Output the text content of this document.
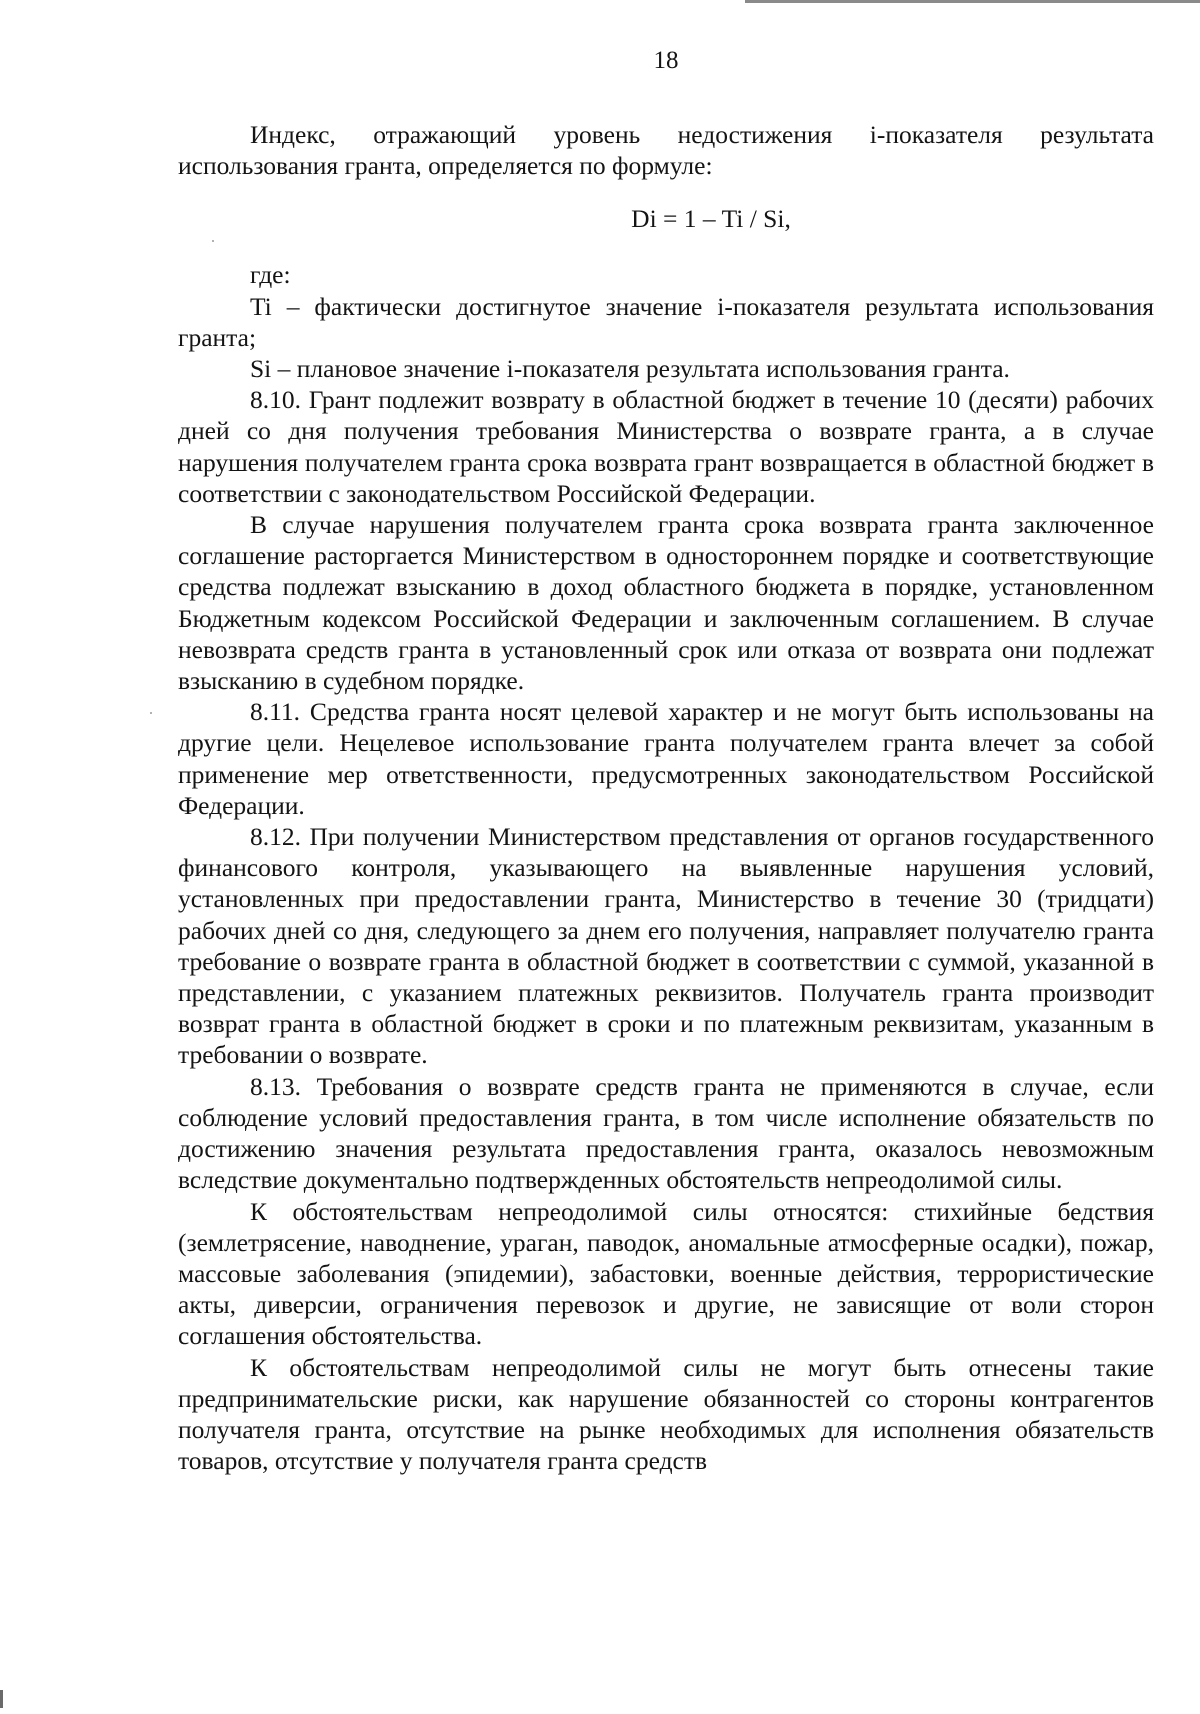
18

Индекс, отражающий уровень недостижения i-показателя результата использования гранта, определяется по формуле:

Di = 1 – Ti / Si,

где:

Ti – фактически достигнутое значение i-показателя результата использования гранта;

Si – плановое значение i-показателя результата использования гранта.

8.10. Грант подлежит возврату в областной бюджет в течение 10 (десяти) рабочих дней со дня получения требования Министерства о возврате гранта, а в случае нарушения получателем гранта срока возврата грант возвращается в областной бюджет в соответствии с законодательством Российской Федерации.

В случае нарушения получателем гранта срока возврата гранта заключенное соглашение расторгается Министерством в одностороннем порядке и соответствующие средства подлежат взысканию в доход областного бюджета в порядке, установленном Бюджетным кодексом Российской Федерации и заключенным соглашением. В случае невозврата средств гранта в установленный срок или отказа от возврата они подлежат взысканию в судебном порядке.

8.11. Средства гранта носят целевой характер и не могут быть использованы на другие цели. Нецелевое использование гранта получателем гранта влечет за собой применение мер ответственности, предусмотренных законодательством Российской Федерации.

8.12. При получении Министерством представления от органов государственного финансового контроля, указывающего на выявленные нарушения условий, установленных при предоставлении гранта, Министерство в течение 30 (тридцати) рабочих дней со дня, следующего за днем его получения, направляет получателю гранта требование о возврате гранта в областной бюджет в соответствии с суммой, указанной в представлении, с указанием платежных реквизитов. Получатель гранта производит возврат гранта в областной бюджет в сроки и по платежным реквизитам, указанным в требовании о возврате.

8.13. Требования о возврате средств гранта не применяются в случае, если соблюдение условий предоставления гранта, в том числе исполнение обязательств по достижению значения результата предоставления гранта, оказалось невозможным вследствие документально подтвержденных обстоятельств непреодолимой силы.

К обстоятельствам непреодолимой силы относятся: стихийные бедствия (землетрясение, наводнение, ураган, паводок, аномальные атмосферные осадки), пожар, массовые заболевания (эпидемии), забастовки, военные действия, террористические акты, диверсии, ограничения перевозок и другие, не зависящие от воли сторон соглашения обстоятельства.

К обстоятельствам непреодолимой силы не могут быть отнесены такие предпринимательские риски, как нарушение обязанностей со стороны контрагентов получателя гранта, отсутствие на рынке необходимых для исполнения обязательств товаров, отсутствие у получателя гранта средств
